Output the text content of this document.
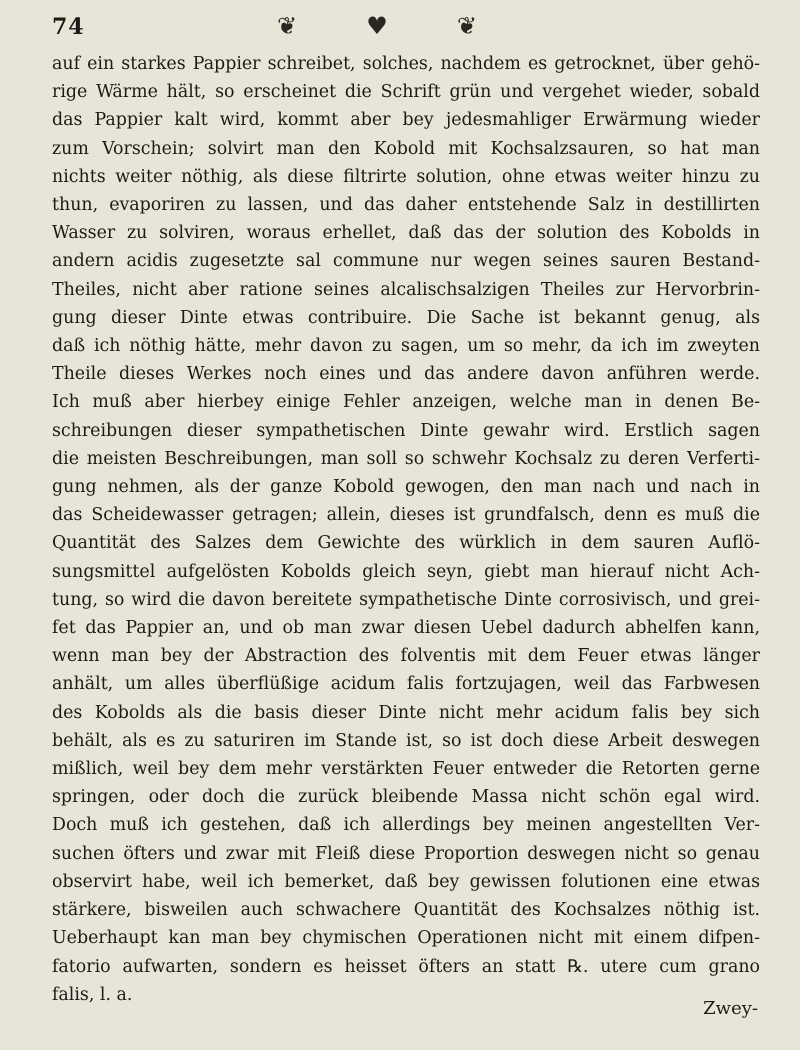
74	❦	♥	❦
auf ein starkes Pappier schreibet, solches, nachdem es getrocknet, über gehö-
rige Wärme hält, so erscheinet die Schrift grün und vergehet wieder, sobald
das Pappier kalt wird, kommt aber bey jedesmahliger Erwärmung wieder
zum Vorschein; solvirt man den Kobold mit Kochsalzsauren, so hat man
nichts weiter nöthig, als diese filtrirte solution, ohne etwas weiter hinzu zu
thun, evaporiren zu lassen, und das daher entstehende Salz in destillirten
Wasser zu solviren, woraus erhellet, daß das der solution des Kobolds in
andern acidis zugesetzte sal commune nur wegen seines sauren Bestand-
Theiles, nicht aber ratione seines alcalischsalzigen Theiles zur Hervorbrin-
gung dieser Dinte etwas contribuire. Die Sache ist bekannt genug, als
daß ich nöthig hätte, mehr davon zu sagen, um so mehr, da ich im zweyten
Theile dieses Werkes noch eines und das andere davon anführen werde.
Ich muß aber hierbey einige Fehler anzeigen, welche man in denen Be-
schreibungen dieser sympathetischen Dinte gewahr wird. Erstlich sagen
die meisten Beschreibungen, man soll so schwehr Kochsalz zu deren Verferti-
gung nehmen, als der ganze Kobold gewogen, den man nach und nach in
das Scheidewasser getragen; allein, dieses ist grundfalsch, denn es muß die
Quantität des Salzes dem Gewichte des würklich in dem sauren Auflö-
sungsmittel aufgelösten Kobolds gleich seyn, giebt man hierauf nicht Ach-
tung, so wird die davon bereitete sympathetische Dinte corrosivisch, und grei-
fet das Pappier an, und ob man zwar diesen Uebel dadurch abhelfen kann,
wenn man bey der Abstraction des folventis mit dem Feuer etwas länger
anhält, um alles überflüßige acidum falis fortzujagen, weil das Farbwesen
des Kobolds als die basis dieser Dinte nicht mehr acidum falis bey sich
behält, als es zu saturiren im Stande ist, so ist doch diese Arbeit deswegen
mißlich, weil bey dem mehr verstärkten Feuer entweder die Retorten gerne
springen, oder doch die zurück bleibende Massa nicht schön egal wird.
Doch muß ich gestehen, daß ich allerdings bey meinen angestellten Ver-
suchen öfters und zwar mit Fleiß diese Proportion deswegen nicht so genau
observirt habe, weil ich bemerket, daß bey gewissen folutionen eine etwas
stärkere, bisweilen auch schwachere Quantität des Kochsalzes nöthig ist.
Ueberhaupt kan man bey chymischen Operationen nicht mit einem difpen-
fatorio aufwarten, sondern es heisset öfters an statt ℞. utere cum grano
falis, l. a.
Zwey-
